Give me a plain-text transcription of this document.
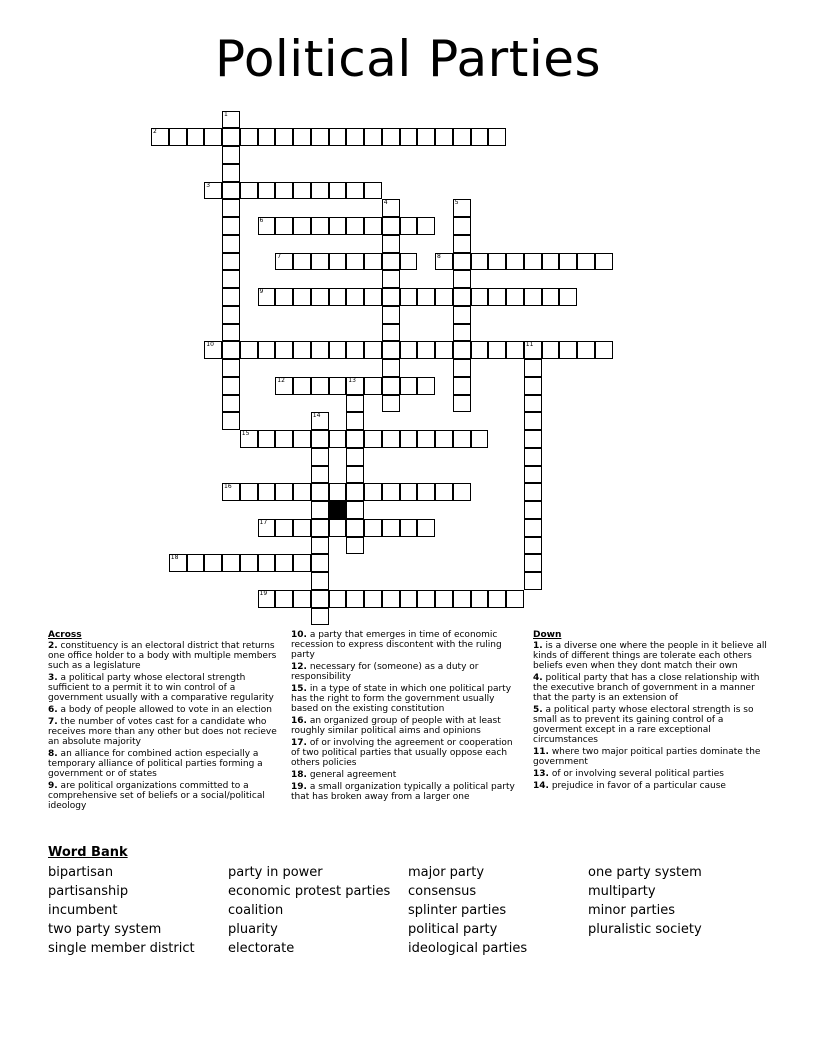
Political Parties
1
2
3
4	5
6
7	8
9
10	11
12	13
14
15
16
17
18
19
Across
2. constituency is an electoral district that returns one office holder to a body with multiple members such as a legislature
3. a political party whose electoral strength sufficient to a permit it to win control of a government usually with a comparative regularity
6. a body of people allowed to vote in an election
7. the number of votes cast for a candidate who receives more than any other but does not recieve an absolute majority
8. an alliance for combined action especially a temporary alliance of political parties forming a government or of states
9. are political organizations committed to a comprehensive set of beliefs or a social/political ideology
10. a party that emerges in time of economic recession to express discontent with the ruling party
12. necessary for (someone) as a duty or responsibility
15. in a type of state in which one political party has the right to form the government usually based on the existing constitution
16. an organized group of people with at least roughly similar political aims and opinions
17. of or involving the agreement or cooperation of two political parties that usually oppose each others policies
18. general agreement
19. a small organization typically a political party that has broken away from a larger one
Down
1. is a diverse one where the people in it believe all kinds of different things are tolerate each others beliefs even when they dont match their own
4. political party that has a close relationship with the executive branch of government in a manner that the party is an extension of
5. a political party whose electoral strength is so small as to prevent its gaining control of a goverment except in a rare exceptional circumstances
11. where two major poitical parties dominate the government
13. of or involving several political parties
14. prejudice in favor of a particular cause
Word Bank
bipartisan
partisanship
incumbent
two party system
single member district
party in power
economic protest parties
coalition
pluarity
electorate
major party
consensus
splinter parties
political party
ideological parties
one party system
multiparty
minor parties
pluralistic society
